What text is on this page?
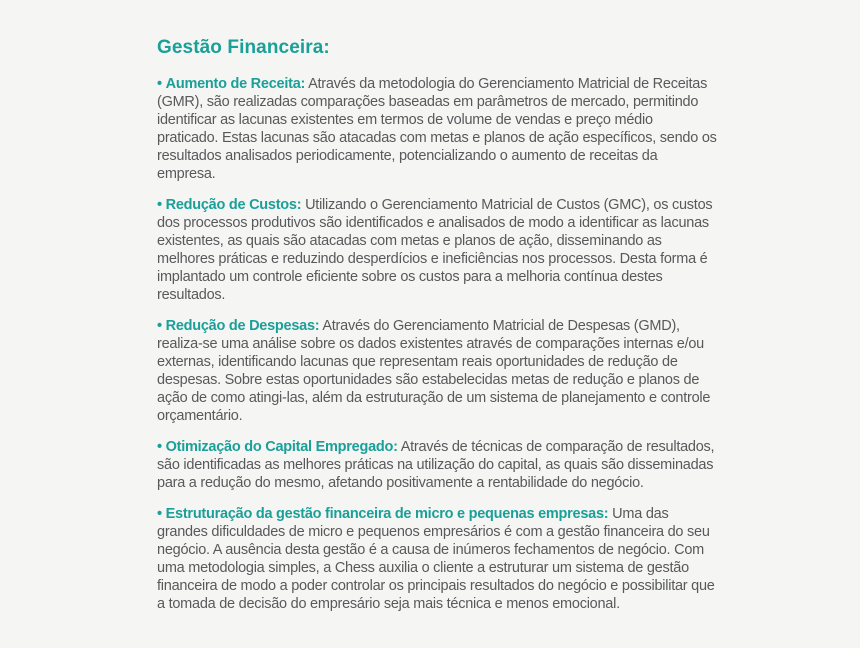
Gestão Financeira:

• Aumento de Receita: Através da metodologia do Gerenciamento Matricial de Receitas (GMR), são realizadas comparações baseadas em parâmetros de mercado, permitindo identificar as lacunas existentes em termos de volume de vendas e preço médio praticado. Estas lacunas são atacadas com metas e planos de ação específicos, sendo os resultados analisados periodicamente, potencializando o aumento de receitas da empresa.

• Redução de Custos: Utilizando o Gerenciamento Matricial de Custos (GMC), os custos dos processos produtivos são identificados e analisados de modo a identificar as lacunas existentes, as quais são atacadas com metas e planos de ação, disseminando as melhores práticas e reduzindo desperdícios e ineficiências nos processos. Desta forma é implantado um controle eficiente sobre os custos para a melhoria contínua destes resultados.

• Redução de Despesas: Através do Gerenciamento Matricial de Despesas (GMD), realiza-se uma análise sobre os dados existentes através de comparações internas e/ou externas, identificando lacunas que representam reais oportunidades de redução de despesas. Sobre estas oportunidades são estabelecidas metas de redução e planos de ação de como atingi-las, além da estruturação de um sistema de planejamento e controle orçamentário.

• Otimização do Capital Empregado: Através de técnicas de comparação de resultados, são identificadas as melhores práticas na utilização do capital, as quais são disseminadas para a redução do mesmo, afetando positivamente a rentabilidade do negócio.

• Estruturação da gestão financeira de micro e pequenas empresas: Uma das grandes dificuldades de micro e pequenos empresários é com a gestão financeira do seu negócio. A ausência desta gestão é a causa de inúmeros fechamentos de negócio. Com uma metodologia simples, a Chess auxilia o cliente a estruturar um sistema de gestão financeira de modo a poder controlar os principais resultados do negócio e possibilitar que a tomada de decisão do empresário seja mais técnica e menos emocional.
